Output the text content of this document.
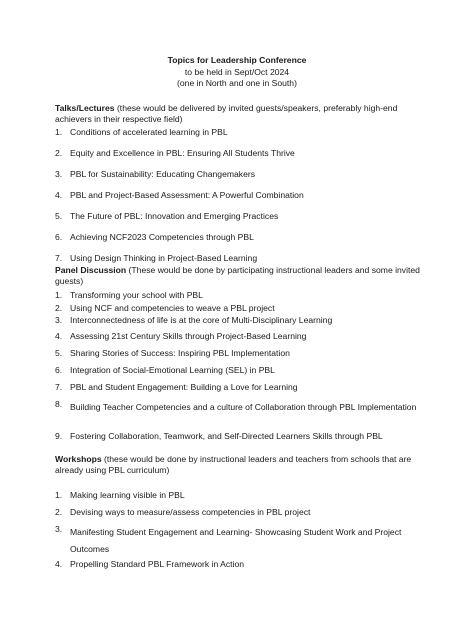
Topics for Leadership Conference
to be held in Sept/Oct 2024
(one in North and one in South)
Talks/Lectures (these would be delivered by invited guests/speakers, preferably high-end achievers in their respective field)
1. Conditions of accelerated learning in PBL
2. Equity and Excellence in PBL: Ensuring All Students Thrive
3. PBL for Sustainability: Educating Changemakers
4. PBL and Project-Based Assessment: A Powerful Combination
5. The Future of PBL: Innovation and Emerging Practices
6. Achieving NCF2023 Competencies through PBL
7. Using Design Thinking in Project-Based Learning
Panel Discussion (These would be done by participating instructional leaders and some invited guests)
1. Transforming your school with PBL
2. Using NCF and competencies to weave a PBL project
3. Interconnectedness of life is at the core of Multi-Disciplinary Learning
4. Assessing 21st Century Skills through Project-Based Learning
5. Sharing Stories of Success: Inspiring PBL Implementation
6. Integration of Social-Emotional Learning (SEL) in PBL
7. PBL and Student Engagement: Building a Love for Learning
8. Building Teacher Competencies and a culture of Collaboration through PBL Implementation
9. Fostering Collaboration, Teamwork, and Self-Directed Learners Skills through PBL
Workshops (these would be done by instructional leaders and teachers from schools that are already using PBL curriculum)
1. Making learning visible in PBL
2. Devising ways to measure/assess competencies in PBL project
3. Manifesting Student Engagement and Learning- Showcasing Student Work and Project Outcomes
4. Propelling Standard PBL Framework in Action
